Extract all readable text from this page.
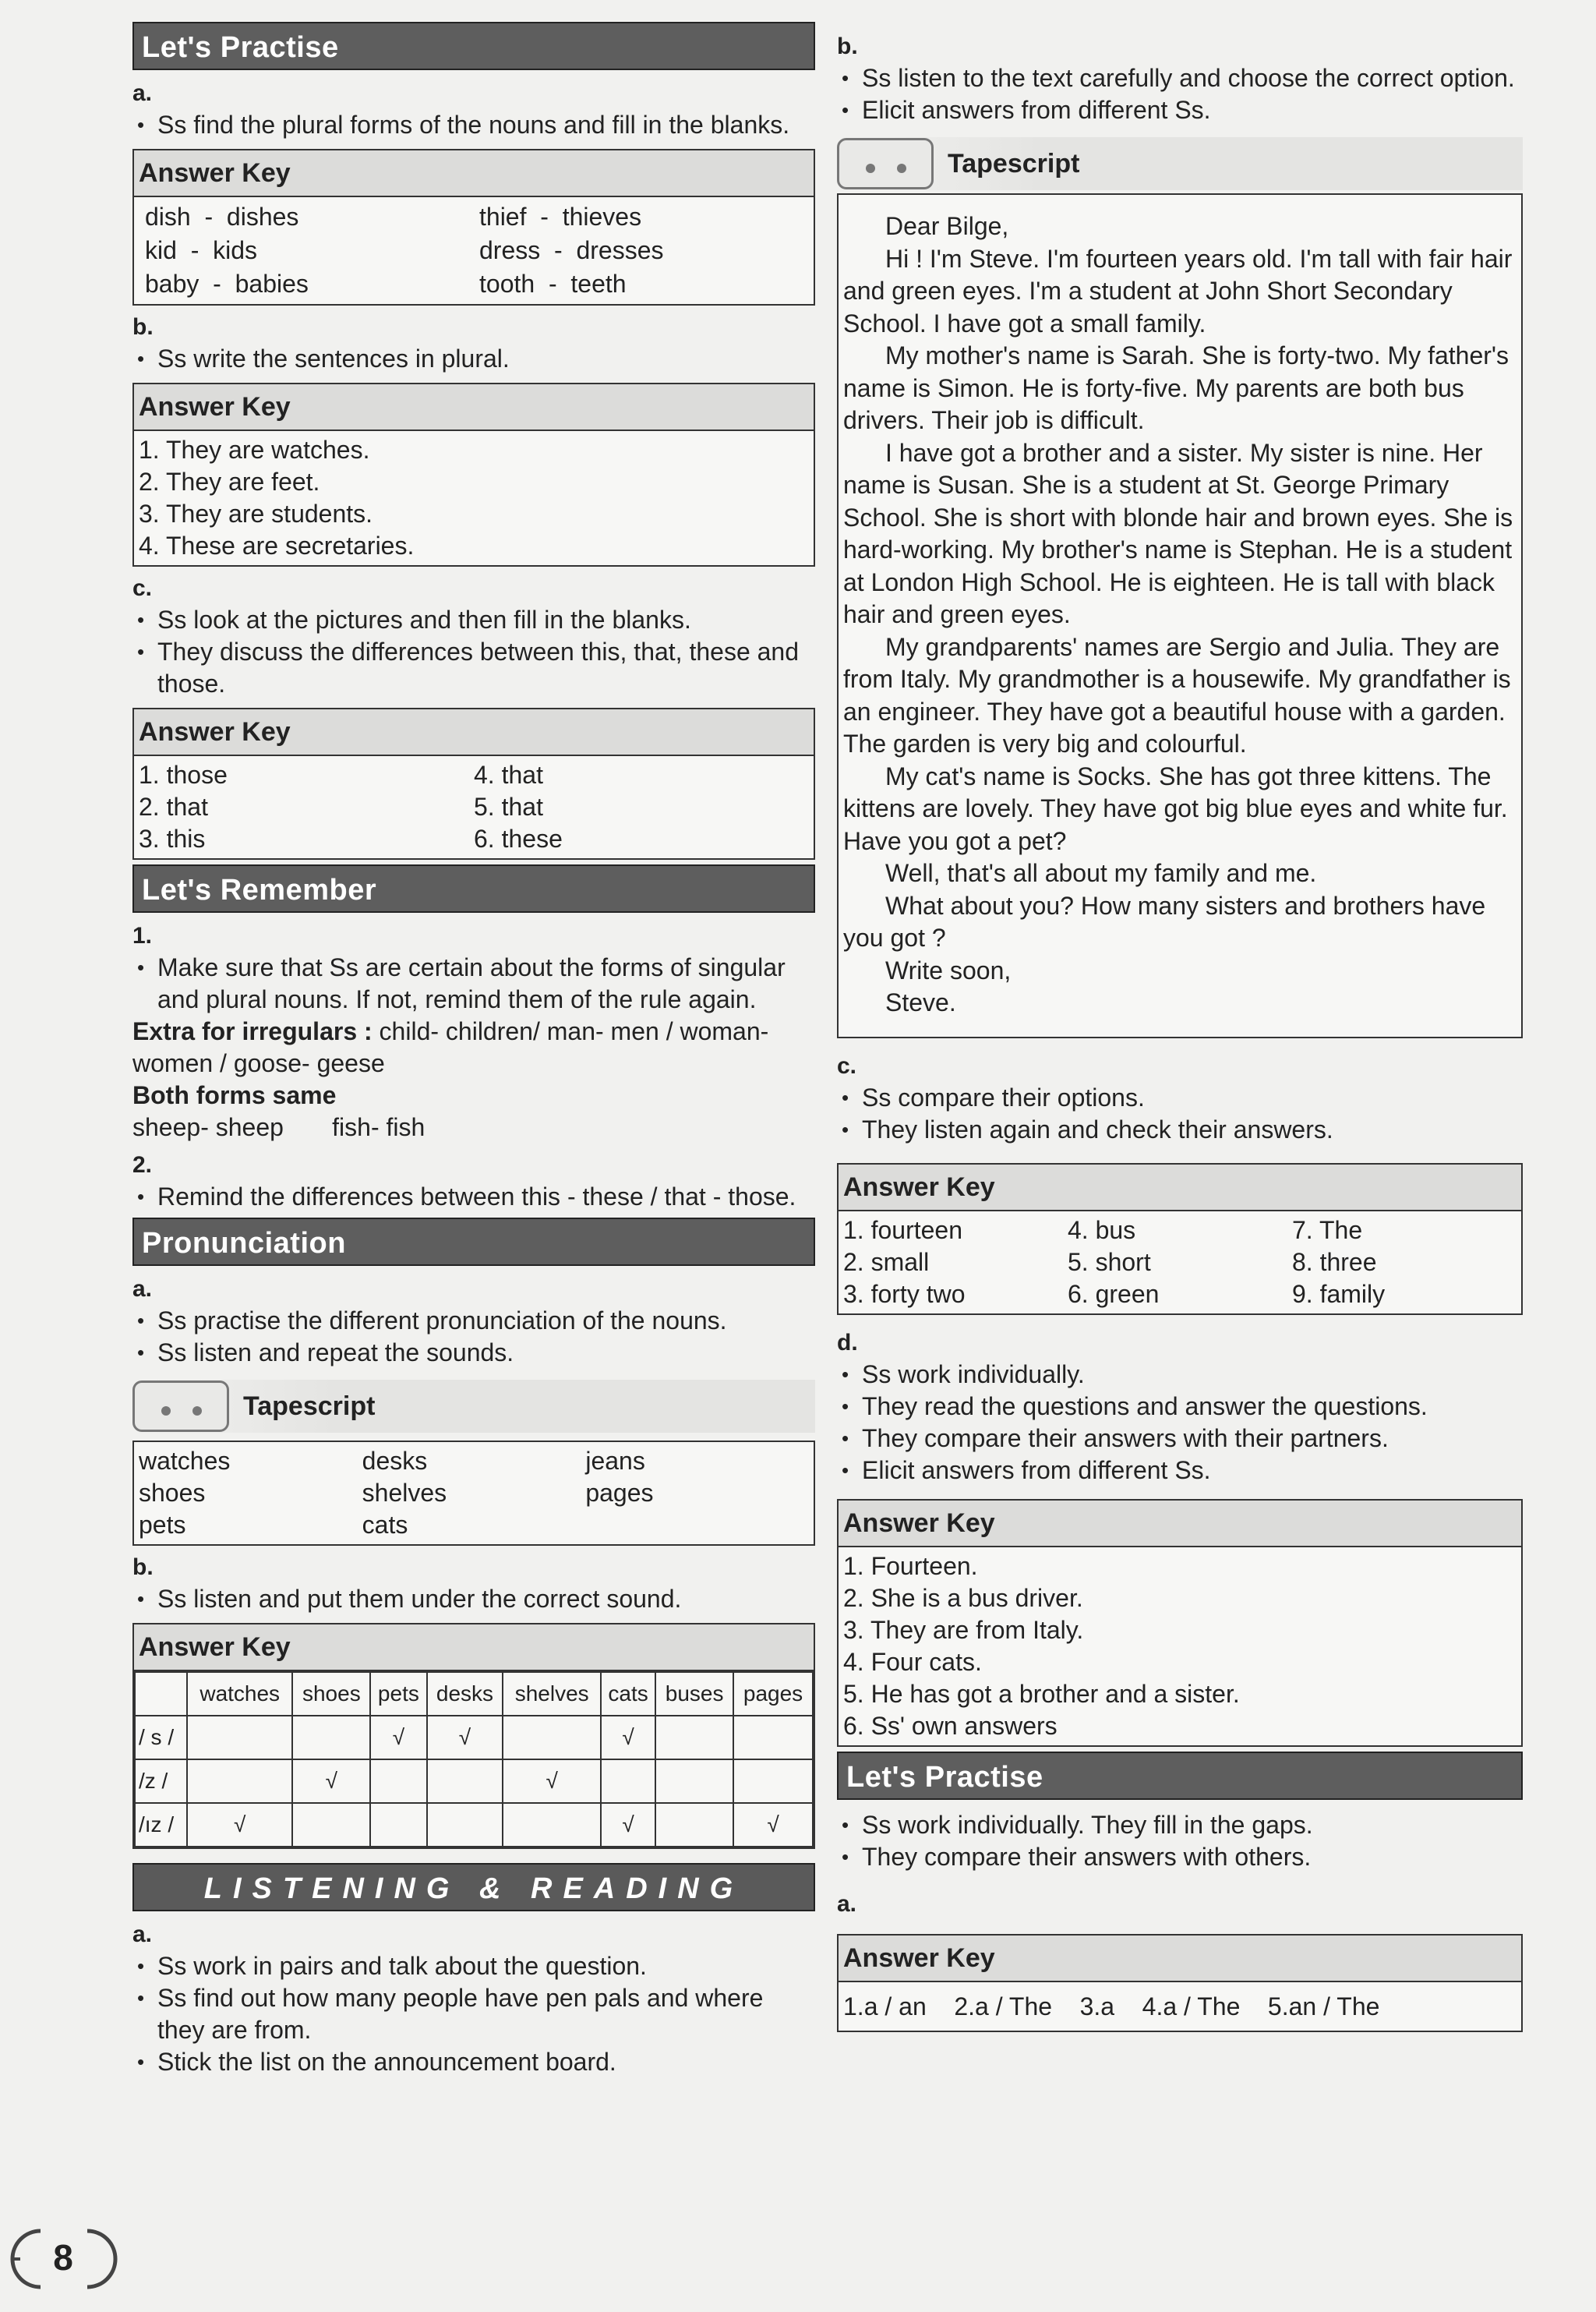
Let's Practise
a.
• Ss find the plural forms of the nouns and fill in the blanks.
Answer Key
dish  -  dishes	thief  -  thieves
kid  -  kids	dress  -  dresses
baby  -  babies	tooth  -  teeth
b.
• Ss write the sentences in plural.
Answer Key
1. They are watches.
2. They are feet.
3. They are students.
4. These are secretaries.
c.
• Ss look at the pictures and then fill in the blanks.
• They discuss the differences between this, that, these and those.
Answer Key
1. those	4. that
2. that	5. that
3. this	6. these
Let's Remember
1.
• Make sure that Ss are certain about the forms of singular and plural nouns. If not, remind them of the rule again.
Extra for irregulars : child- children/ man- men / woman- women / goose- geese
Both forms same
sheep- sheep       fish- fish
2.
• Remind the differences between this - these / that - those.
Pronunciation
a.
• Ss practise the different pronunciation of the nouns.
• Ss listen and repeat the sounds.
Tapescript
watches	desks	jeans
shoes	shelves	pages
pets	cats
b.
• Ss listen and put them under the correct sound.
Answer Key
	watches	shoes	pets	desks	shelves	cats	buses	pages
/ s /			√	√		√		
/z /		√			√			
/ız /	√					√		√
LISTENING & READING
a.
• Ss work in pairs and talk about the question.
• Ss find out how many people have pen pals and where they are from.
• Stick the list on the announcement board.
b.
• Ss listen to the text carefully and choose the correct option.
• Elicit answers from different Ss.
Tapescript

Dear Bilge,

Hi ! I'm Steve. I'm fourteen years old. I'm tall with fair hair and green eyes. I'm a student at John Short Secondary School. I have got a small family.

My mother's name is Sarah. She is forty-two. My father's name is Simon. He is forty-five. My parents are both bus drivers. Their job is difficult.

I have got a brother and a sister. My sister is nine. Her name is Susan. She is a student at St. George Primary School. She is short with blonde hair and brown eyes. She is hard-working. My brother's name is Stephan. He is a student at London High School. He is eighteen. He is tall with black hair and green eyes.

My grandparents' names are Sergio and Julia. They are from Italy. My grandmother is a housewife. My grandfather is an engineer. They have got a beautiful house with a garden. The garden is very big and colourful.

My cat's name is Socks. She has got three kittens. The kittens are lovely. They have got big blue eyes and white fur. Have you got a pet?

Well, that's all about my family and me.

What about you? How many sisters and brothers have you got ?

Write soon,

Steve.

c.
• Ss compare their options.
• They listen again and check their answers.
Answer Key
1. fourteen	4. bus	7. The
2. small	5. short	8. three
3. forty two	6. green	9. family
d.
• Ss work individually.
• They read the questions and answer the questions.
• They compare their answers with their partners.
• Elicit answers from different Ss.
Answer Key
1. Fourteen.
2. She is a bus driver.
3. They are from Italy.
4. Four cats.
5. He has got a brother and a sister.
6. Ss' own answers
Let's Practise
• Ss work individually. They fill in the gaps.
• They compare their answers with others.
a.
Answer Key
1.a / an    2.a / The    3.a    4.a / The    5.an / The
8
